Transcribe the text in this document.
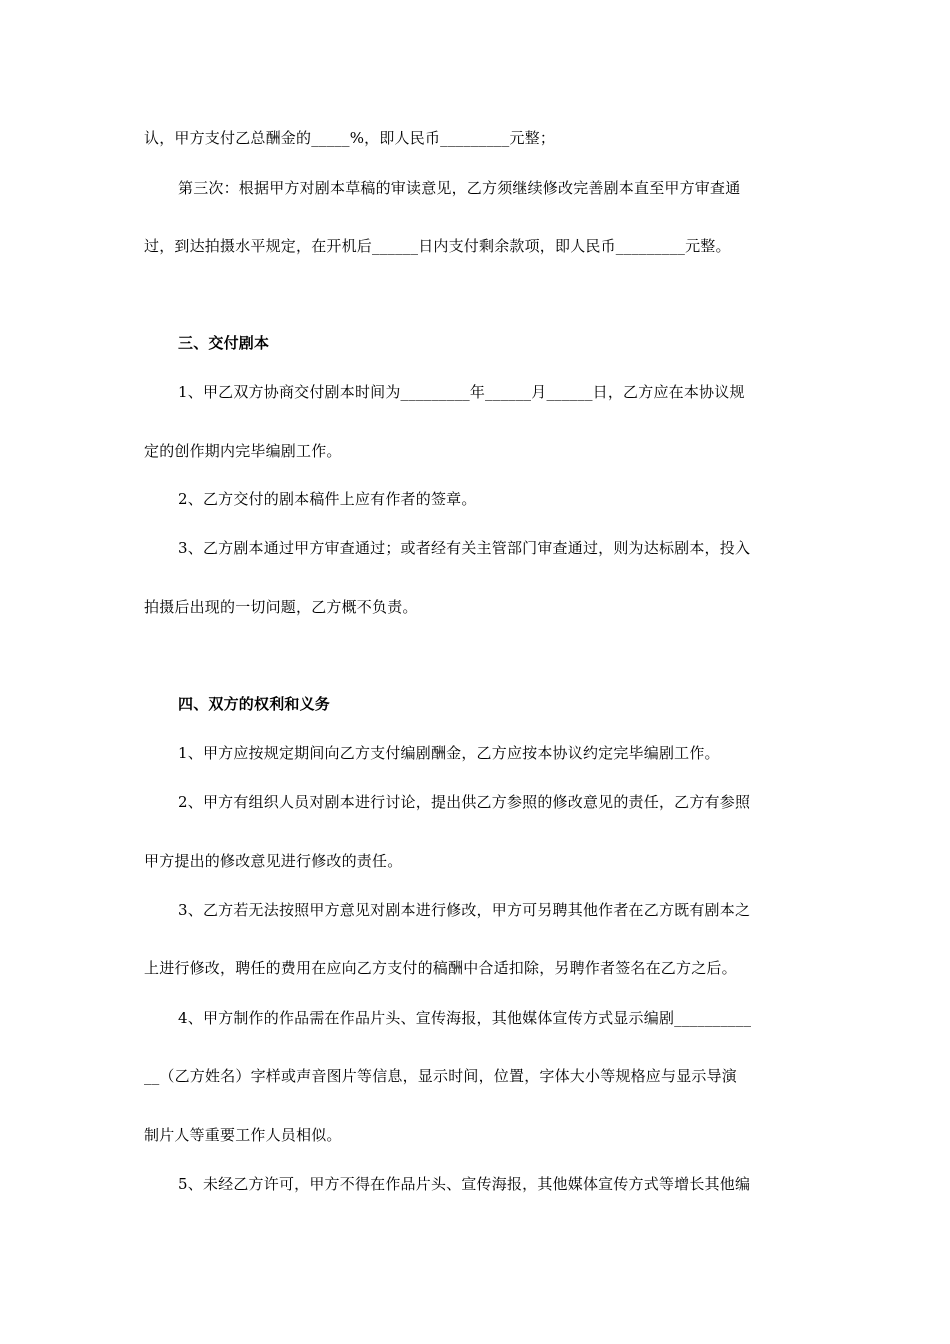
认，甲方支付乙总酬金的_____%，即人民币_________元整；
第三次：根据甲方对剧本草稿的审读意见，乙方须继续修改完善剧本直至甲方审查通
过，到达拍摄水平规定，在开机后______日内支付剩余款项，即人民币_________元整。
三、交付剧本
1、甲乙双方协商交付剧本时间为_________年______月______日，乙方应在本协议规
定的创作期内完毕编剧工作。
2、乙方交付的剧本稿件上应有作者的签章。
3、乙方剧本通过甲方审查通过；或者经有关主管部门审查通过，则为达标剧本，投入
拍摄后出现的一切问题，乙方概不负责。
四、双方的权利和义务
1、甲方应按规定期间向乙方支付编剧酬金，乙方应按本协议约定完毕编剧工作。
2、甲方有组织人员对剧本进行讨论，提出供乙方参照的修改意见的责任，乙方有参照
甲方提出的修改意见进行修改的责任。
3、乙方若无法按照甲方意见对剧本进行修改，甲方可另聘其他作者在乙方既有剧本之
上进行修改，聘任的费用在应向乙方支付的稿酬中合适扣除，另聘作者签名在乙方之后。
4、甲方制作的作品需在作品片头、宣传海报，其他媒体宣传方式显示编剧__________
__（乙方姓名）字样或声音图片等信息，显示时间，位置，字体大小等规格应与显示导演
制片人等重要工作人员相似。
5、未经乙方许可，甲方不得在作品片头、宣传海报，其他媒体宣传方式等增长其他编
